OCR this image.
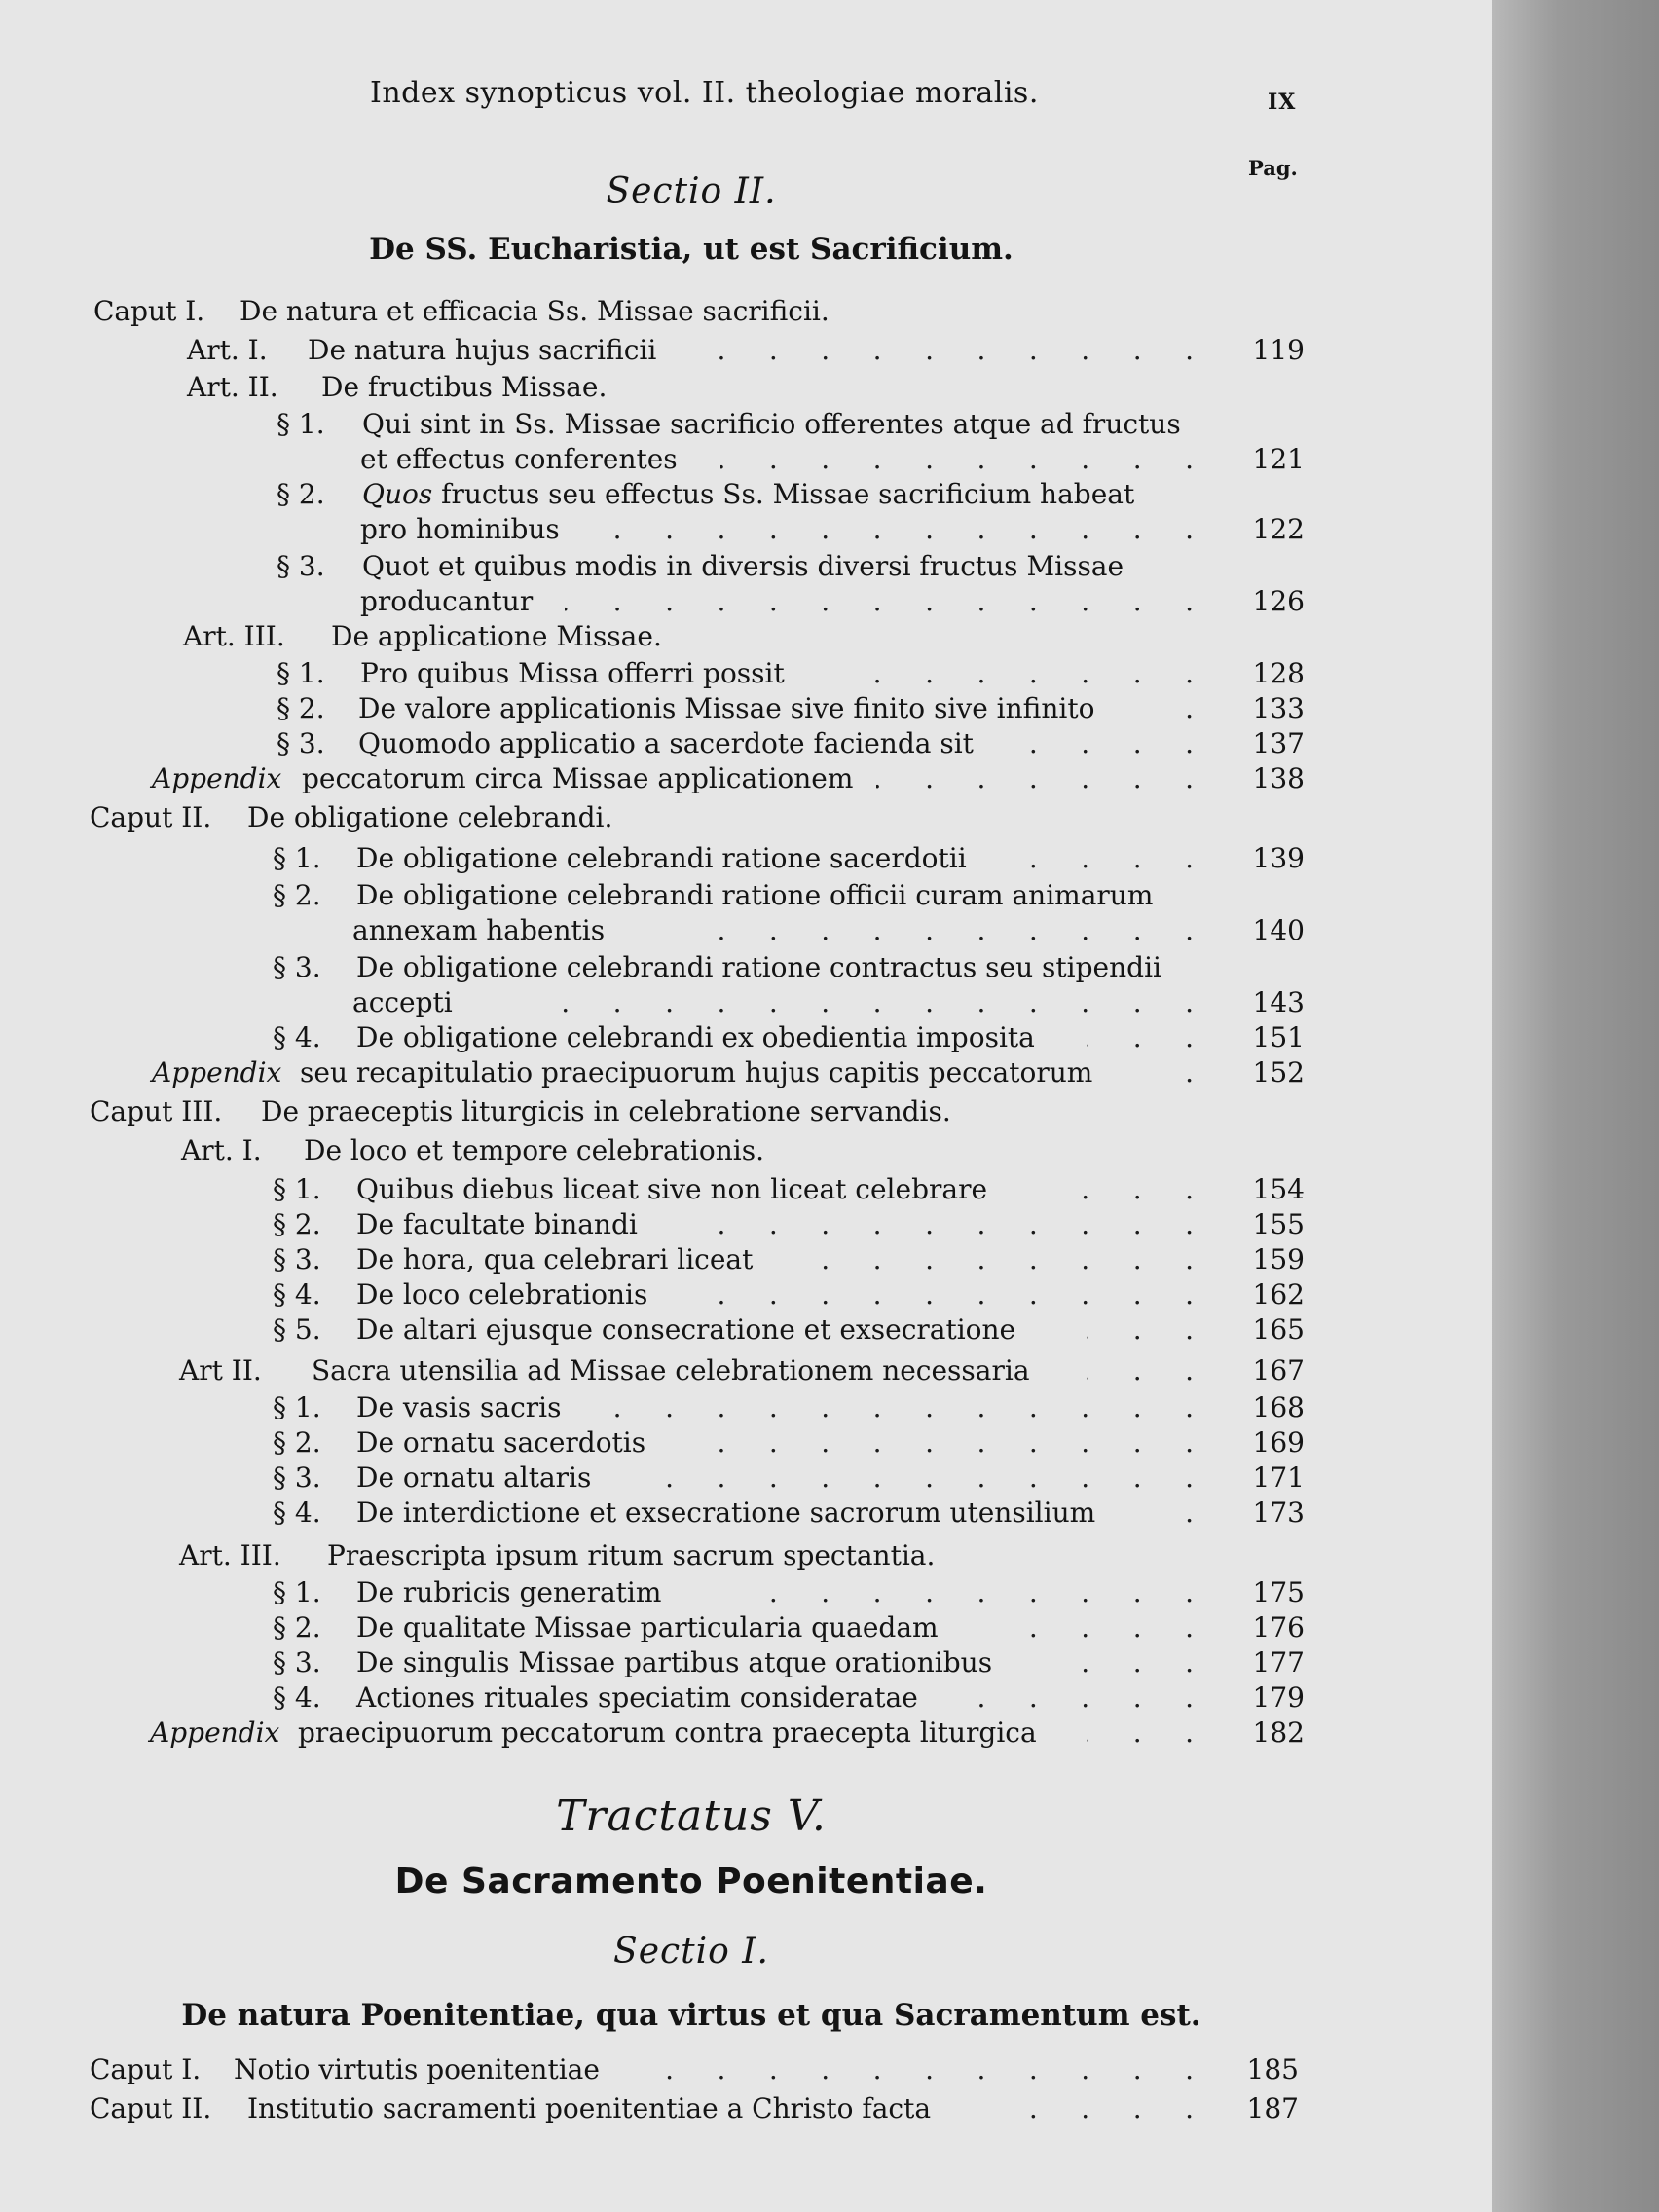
Index synopticus vol. II. theologiae moralis.	IX
Pag.
Sectio II.
De SS. Eucharistia, ut est Sacrificium.
Caput I. De natura et efficacia Ss. Missae sacrificii.
Art. I. De natura hujus sacrificii .	119
Art. II. De fructibus Missae.
§ 1. Qui sint in Ss. Missae sacrificio offerentes atque ad fructus
et effectus conferentes .	121
§ 2. Quos fructus seu effectus Ss. Missae sacrificium habeat
pro hominibus .	122
§ 3. Quot et quibus modis in diversis diversi fructus Missae
producantur .	126
Art. III. De applicatione Missae.
§ 1. Pro quibus Missa offerri possit .	128
§ 2. De valore applicationis Missae sive finito sive infinito .	133
§ 3. Quomodo applicatio a sacerdote facienda sit .	137
Appendix peccatorum circa Missae applicationem .	138
Caput II. De obligatione celebrandi.
§ 1. De obligatione celebrandi ratione sacerdotii .	139
§ 2. De obligatione celebrandi ratione officii curam animarum
annexam habentis .	140
§ 3. De obligatione celebrandi ratione contractus seu stipendii
accepti .	143
§ 4. De obligatione celebrandi ex obedientia imposita .	151
Appendix seu recapitulatio praecipuorum hujus capitis peccatorum .	152
Caput III. De praeceptis liturgicis in celebratione servandis.
Art. I. De loco et tempore celebrationis.
§ 1. Quibus diebus liceat sive non liceat celebrare .	154
§ 2. De facultate binandi .	155
§ 3. De hora, qua celebrari liceat .	159
§ 4. De loco celebrationis .	162
§ 5. De altari ejusque consecratione et exsecratione .	165
Art II. Sacra utensilia ad Missae celebrationem necessaria .	167
§ 1. De vasis sacris .	168
§ 2. De ornatu sacerdotis .	169
§ 3. De ornatu altaris .	171
§ 4. De interdictione et exsecratione sacrorum utensilium .	173
Art. III. Praescripta ipsum ritum sacrum spectantia.
§ 1. De rubricis generatim .	175
§ 2. De qualitate Missae particularia quaedam .	176
§ 3. De singulis Missae partibus atque orationibus .	177
§ 4. Actiones rituales speciatim consideratae .	179
Appendix praecipuorum peccatorum contra praecepta liturgica .	182
Tractatus V.
De Sacramento Poenitentiae.
Sectio I.
De natura Poenitentiae, qua virtus et qua Sacramentum est.
Caput I. Notio virtutis poenitentiae .	185
Caput II. Institutio sacramenti poenitentiae a Christo facta .	187
